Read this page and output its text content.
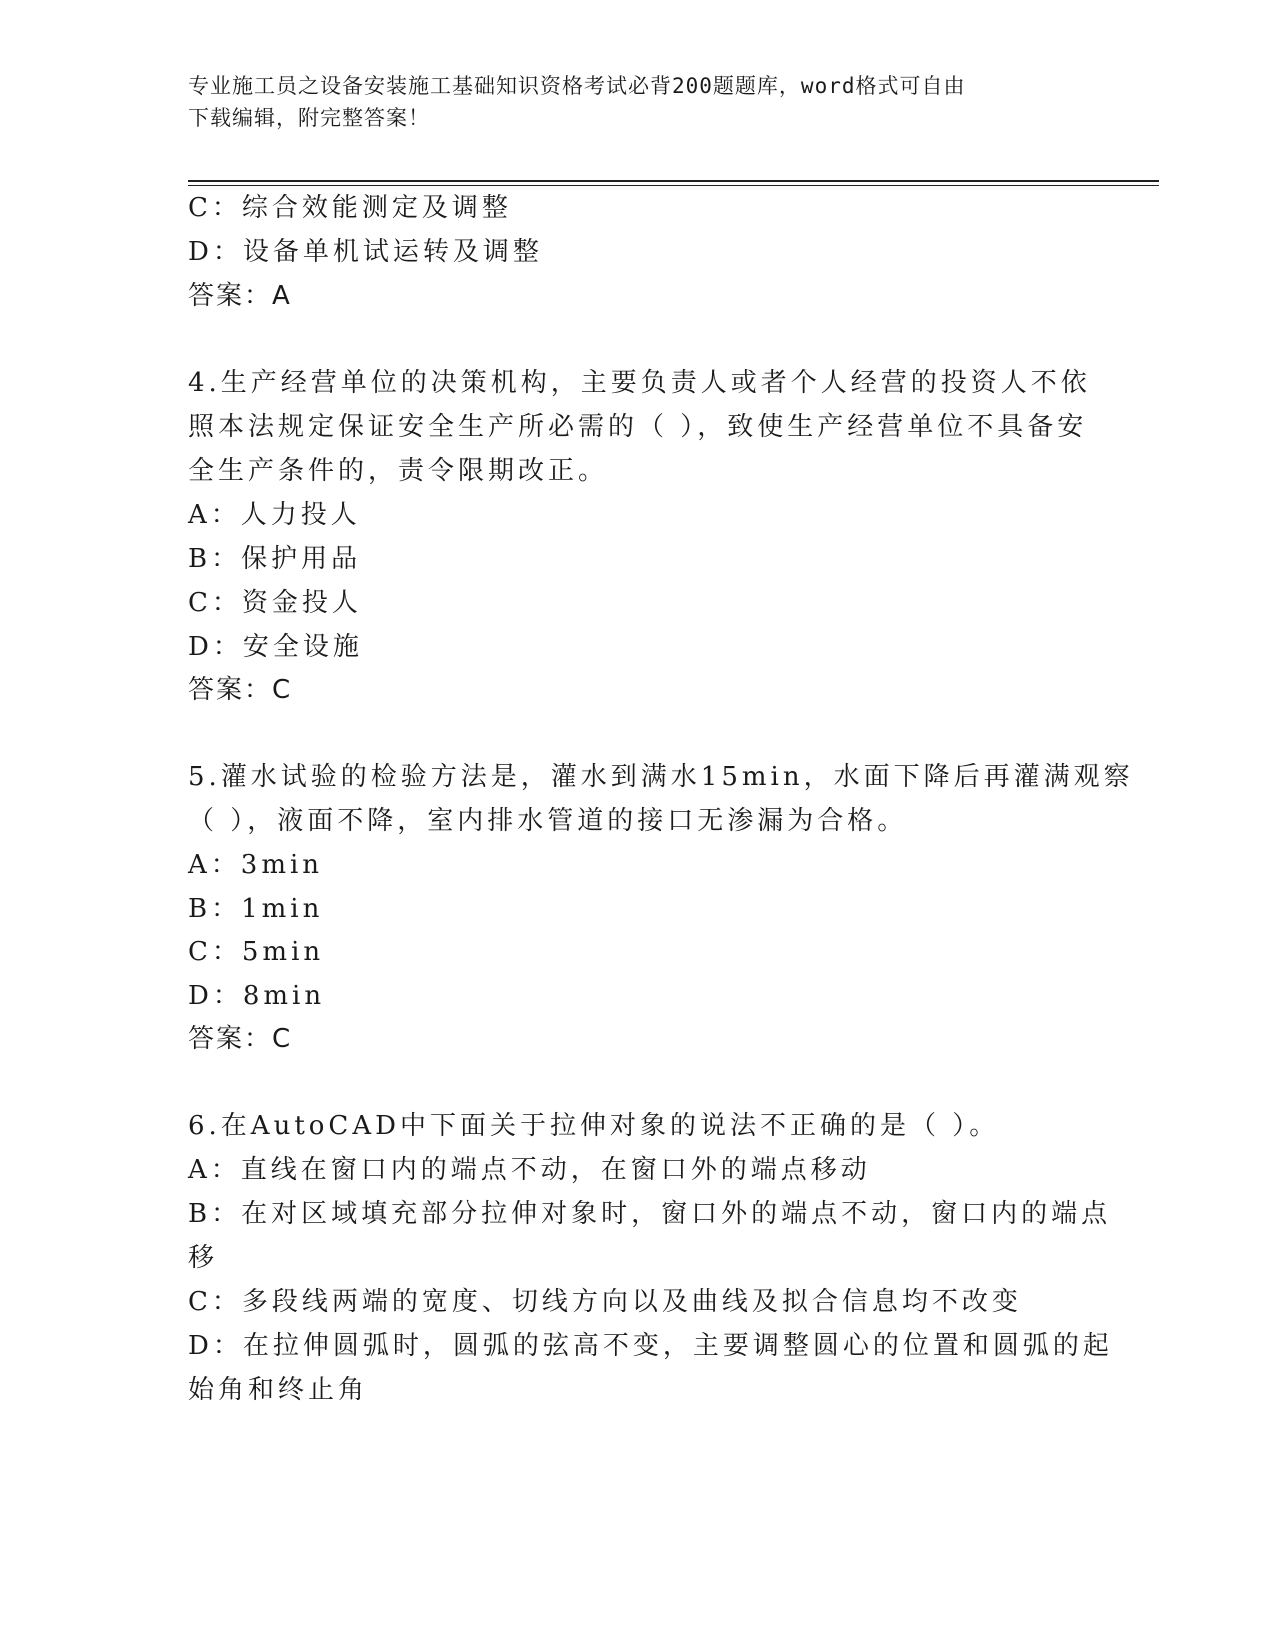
专业施工员之设备安装施工基础知识资格考试必背200题题库，word格式可自由
下载编辑，附完整答案！
C：综合效能测定及调整
D：设备单机试运转及调整
答案：A
4.生产经营单位的决策机构，主要负责人或者个人经营的投资人不依
照本法规定保证安全生产所必需的（ ），致使生产经营单位不具备安
全生产条件的，责令限期改正。
A：人力投人
B：保护用品
C：资金投人
D：安全设施
答案：C
5.灌水试验的检验方法是，灌水到满水15min，水面下降后再灌满观察
（ ），液面不降，室内排水管道的接口无渗漏为合格。
A：3min
B：1min
C：5min
D：8min
答案：C
6.在AutoCAD中下面关于拉伸对象的说法不正确的是（ ）。
A：直线在窗口内的端点不动，在窗口外的端点移动
B：在对区域填充部分拉伸对象时，窗口外的端点不动，窗口内的端点
移
C：多段线两端的宽度、切线方向以及曲线及拟合信息均不改变
D：在拉伸圆弧时，圆弧的弦高不变，主要调整圆心的位置和圆弧的起
始角和终止角
